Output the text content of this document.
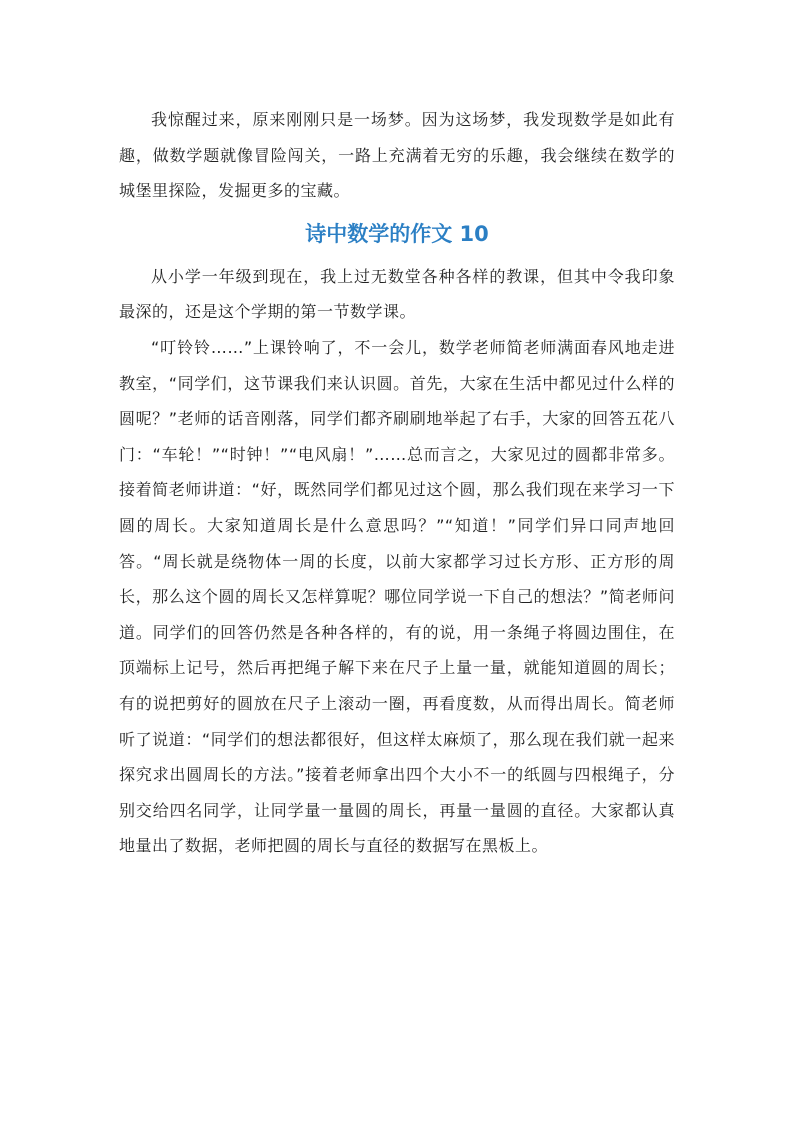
我惊醒过来，原来刚刚只是一场梦。因为这场梦，我发现数学是如此有趣，做数学题就像冒险闯关，一路上充满着无穷的乐趣，我会继续在数学的城堡里探险，发掘更多的宝藏。

诗中数学的作文 10

从小学一年级到现在，我上过无数堂各种各样的教课，但其中令我印象最深的，还是这个学期的第一节数学课。

“叮铃铃……”上课铃响了，不一会儿，数学老师简老师满面春风地走进教室，“同学们，这节课我们来认识圆。首先，大家在生活中都见过什么样的圆呢？”老师的话音刚落，同学们都齐刷刷地举起了右手，大家的回答五花八门：“车轮！”“时钟！”“电风扇！”……总而言之，大家见过的圆都非常多。接着简老师讲道：“好，既然同学们都见过这个圆，那么我们现在来学习一下圆的周长。大家知道周长是什么意思吗？”“知道！”同学们异口同声地回答。“周长就是绕物体一周的长度，以前大家都学习过长方形、正方形的周长，那么这个圆的周长又怎样算呢？哪位同学说一下自己的想法？”简老师问道。同学们的回答仍然是各种各样的，有的说，用一条绳子将圆边围住，在顶端标上记号，然后再把绳子解下来在尺子上量一量，就能知道圆的周长；有的说把剪好的圆放在尺子上滚动一圈，再看度数，从而得出周长。简老师听了说道：“同学们的想法都很好，但这样太麻烦了，那么现在我们就一起来探究求出圆周长的方法。”接着老师拿出四个大小不一的纸圆与四根绳子，分别交给四名同学，让同学量一量圆的周长，再量一量圆的直径。大家都认真地量出了数据，老师把圆的周长与直径的数据写在黑板上。
